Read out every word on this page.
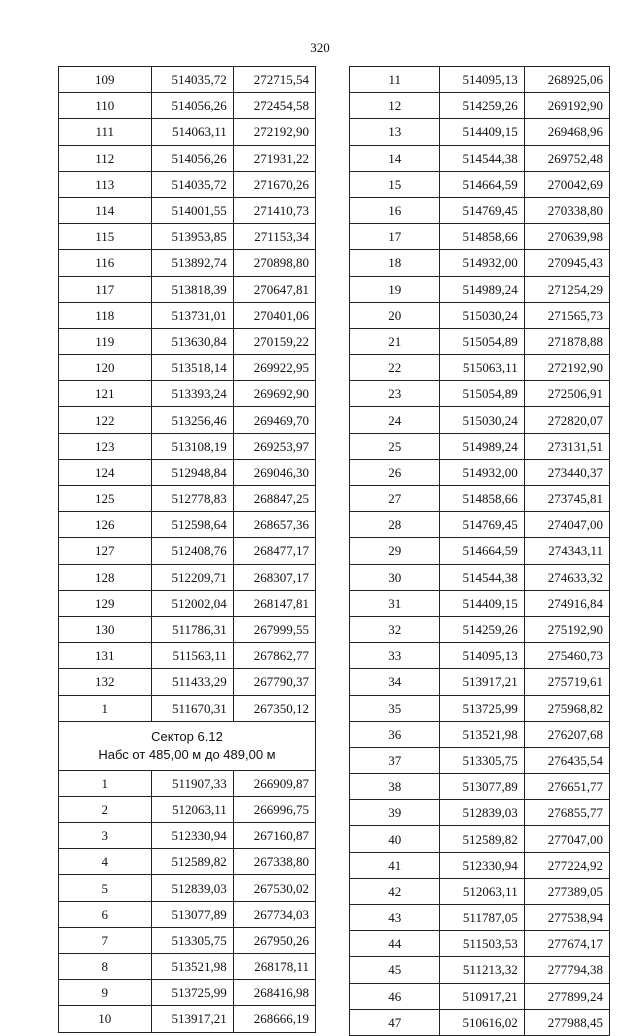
320
109	514035,72	272715,54
110	514056,26	272454,58
111	514063,11	272192,90
112	514056,26	271931,22
113	514035,72	271670,26
114	514001,55	271410,73
115	513953,85	271153,34
116	513892,74	270898,80
117	513818,39	270647,81
118	513731,01	270401,06
119	513630,84	270159,22
120	513518,14	269922,95
121	513393,24	269692,90
122	513256,46	269469,70
123	513108,19	269253,97
124	512948,84	269046,30
125	512778,83	268847,25
126	512598,64	268657,36
127	512408,76	268477,17
128	512209,71	268307,17
129	512002,04	268147,81
130	511786,31	267999,55
131	511563,11	267862,77
132	511433,29	267790,37
1	511670,31	267350,12

Сектор 6.12
Набс от 485,00 м до 489,00 м		

1	511907,33	266909,87
2	512063,11	266996,75
3	512330,94	267160,87
4	512589,82	267338,80
5	512839,03	267530,02
6	513077,89	267734,03
7	513305,75	267950,26
8	513521,98	268178,11
9	513725,99	268416,98
10	513917,21	268666,19
11	514095,13	268925,06
12	514259,26	269192,90
13	514409,15	269468,96
14	514544,38	269752,48
15	514664,59	270042,69
16	514769,45	270338,80
17	514858,66	270639,98
18	514932,00	270945,43
19	514989,24	271254,29
20	515030,24	271565,73
21	515054,89	271878,88
22	515063,11	272192,90
23	515054,89	272506,91
24	515030,24	272820,07
25	514989,24	273131,51
26	514932,00	273440,37
27	514858,66	273745,81
28	514769,45	274047,00
29	514664,59	274343,11
30	514544,38	274633,32
31	514409,15	274916,84
32	514259,26	275192,90
33	514095,13	275460,73
34	513917,21	275719,61
35	513725,99	275968,82
36	513521,98	276207,68
37	513305,75	276435,54
38	513077,89	276651,77
39	512839,03	276855,77
40	512589,82	277047,00
41	512330,94	277224,92
42	512063,11	277389,05
43	511787,05	277538,94
44	511503,53	277674,17
45	511213,32	277794,38
46	510917,21	277899,24
47	510616,02	277988,45
